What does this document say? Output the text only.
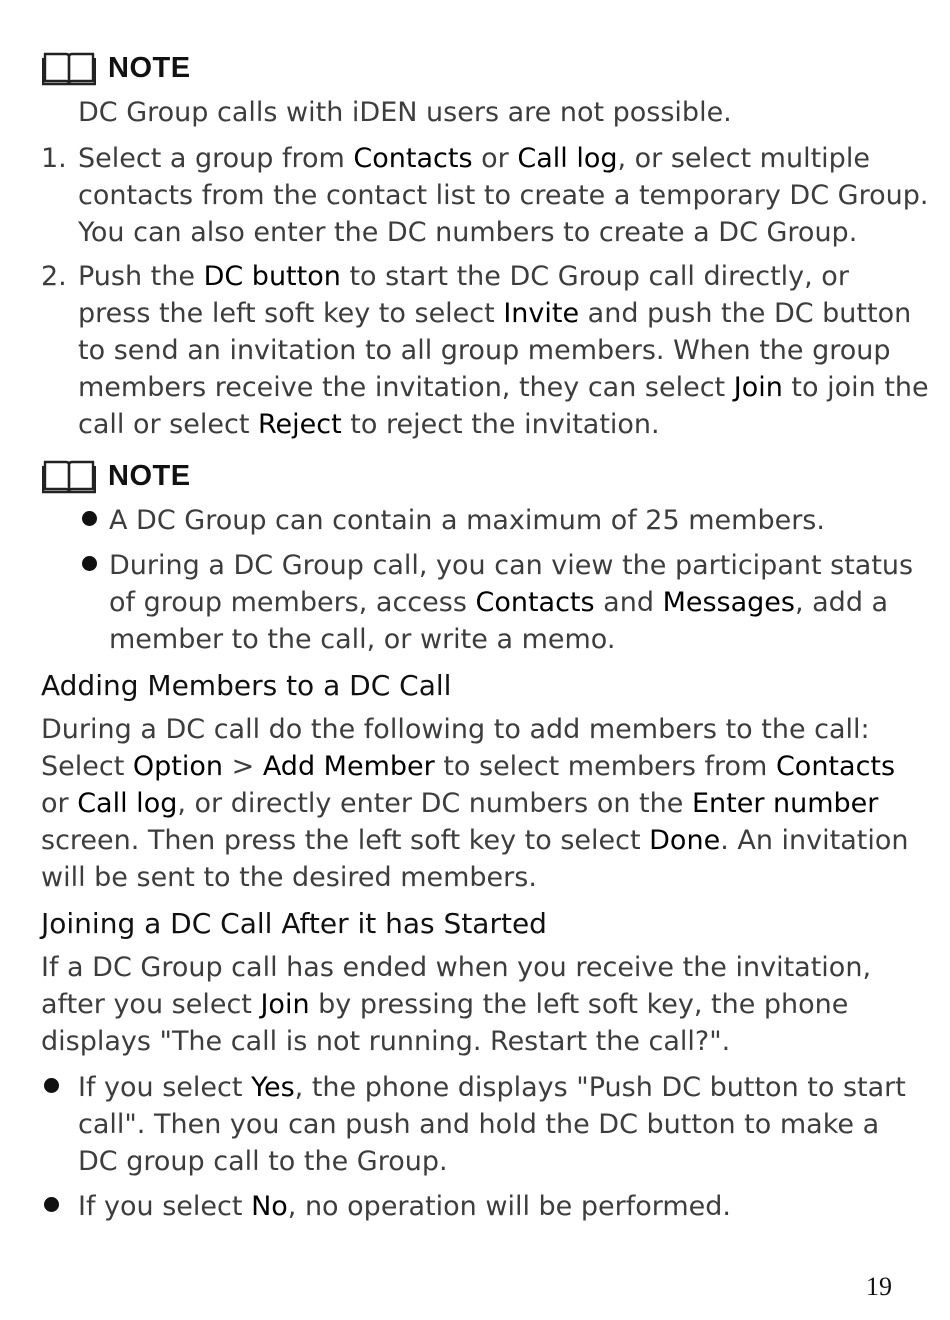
NOTE
DC Group calls with iDEN users are not possible.
1. Select a group from Contacts or Call log, or select multiple
contacts from the contact list to create a temporary DC Group.
You can also enter the DC numbers to create a DC Group.
2. Push the DC button to start the DC Group call directly, or
press the left soft key to select Invite and push the DC button
to send an invitation to all group members. When the group
members receive the invitation, they can select Join to join the
call or select Reject to reject the invitation.
NOTE
A DC Group can contain a maximum of 25 members.
During a DC Group call, you can view the participant status
of group members, access Contacts and Messages, add a
member to the call, or write a memo.
Adding Members to a DC Call
During a DC call do the following to add members to the call:
Select Option > Add Member to select members from Contacts
or Call log, or directly enter DC numbers on the Enter number
screen. Then press the left soft key to select Done. An invitation
will be sent to the desired members.
Joining a DC Call After it has Started
If a DC Group call has ended when you receive the invitation,
after you select Join by pressing the left soft key, the phone
displays "The call is not running. Restart the call?".
If you select Yes, the phone displays "Push DC button to start
call". Then you can push and hold the DC button to make a
DC group call to the Group.
If you select No, no operation will be performed.
19
